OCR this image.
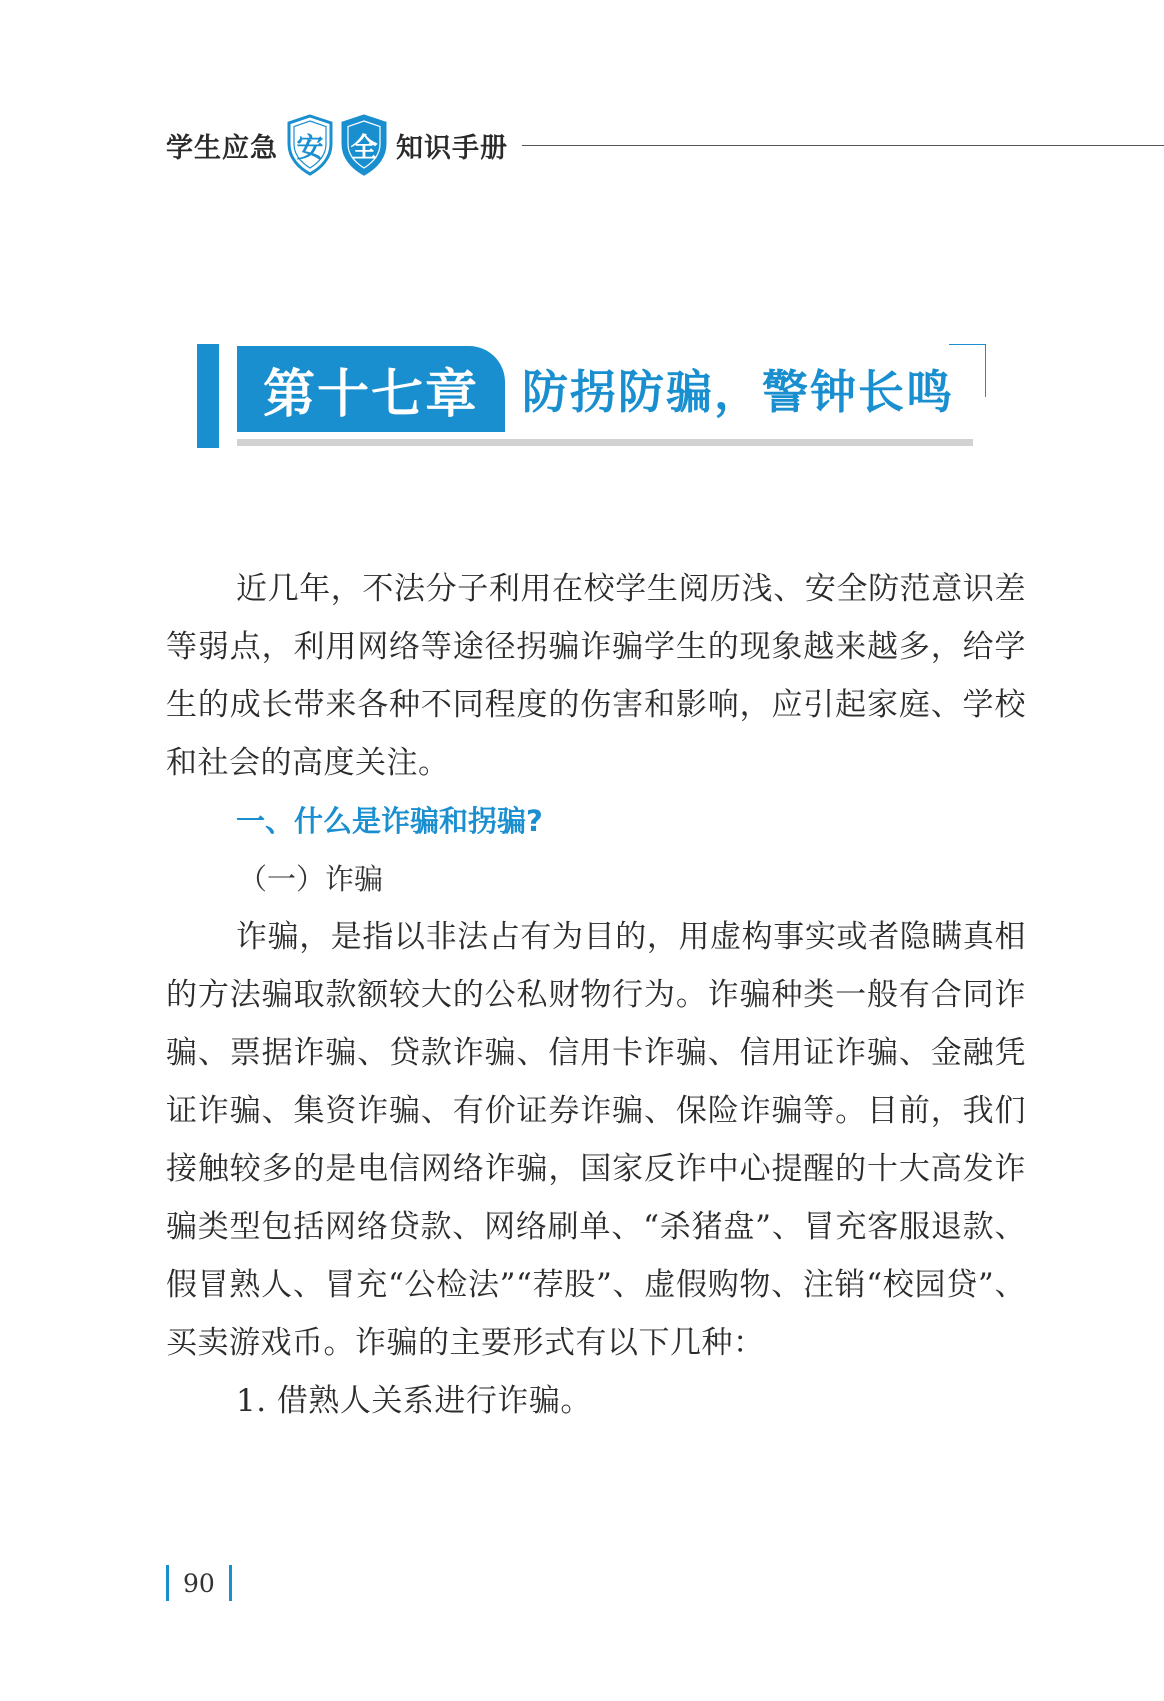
学生应急 安	全 知识手册
第十七章 防拐防骗，警钟长鸣

近几年，不法分子利用在校学生阅历浅、安全防范意识差等弱点，利用网络等途径拐骗诈骗学生的现象越来越多，给学生的成长带来各种不同程度的伤害和影响，应引起家庭、学校和社会的高度关注。

一、什么是诈骗和拐骗?
（一）诈骗

诈骗，是指以非法占有为目的，用虚构事实或者隐瞒真相的方法骗取款额较大的公私财物行为。诈骗种类一般有合同诈骗、票据诈骗、贷款诈骗、信用卡诈骗、信用证诈骗、金融凭证诈骗、集资诈骗、有价证券诈骗、保险诈骗等。目前，我们接触较多的是电信网络诈骗，国家反诈中心提醒的十大高发诈骗类型包括网络贷款、网络刷单、“杀猪盘”、冒充客服退款、假冒熟人、冒充“公检法”“荐股”、虚假购物、注销“校园贷”、买卖游戏币。诈骗的主要形式有以下几种：

1. 借熟人关系进行诈骗。

90
